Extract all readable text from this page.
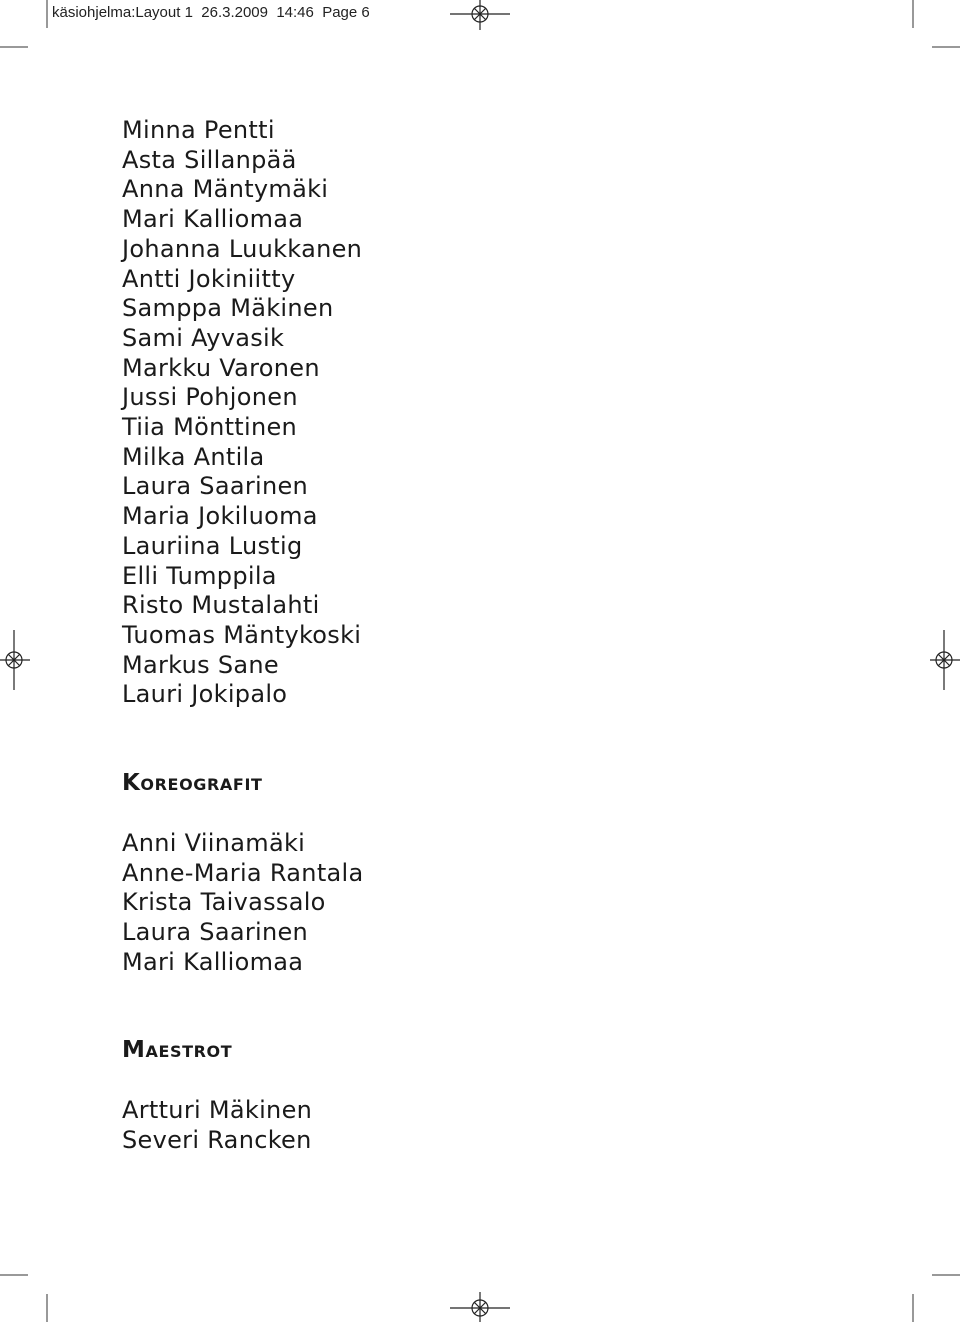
käsiohjelma:Layout 1  26.3.2009  14:46  Page 6
Minna Pentti
Asta Sillanpää
Anna Mäntymäki
Mari Kalliomaa
Johanna Luukkanen
Antti Jokiniitty
Samppa Mäkinen
Sami Ayvasik
Markku Varonen
Jussi Pohjonen
Tiia Mönttinen
Milka Antila
Laura Saarinen
Maria Jokiluoma
Lauriina Lustig
Elli Tumppila
Risto Mustalahti
Tuomas Mäntykoski
Markus Sane
Lauri Jokipalo
Koreografit
Anni Viinamäki
Anne-Maria Rantala
Krista Taivassalo
Laura Saarinen
Mari Kalliomaa
Maestrot
Artturi Mäkinen
Severi Rancken
